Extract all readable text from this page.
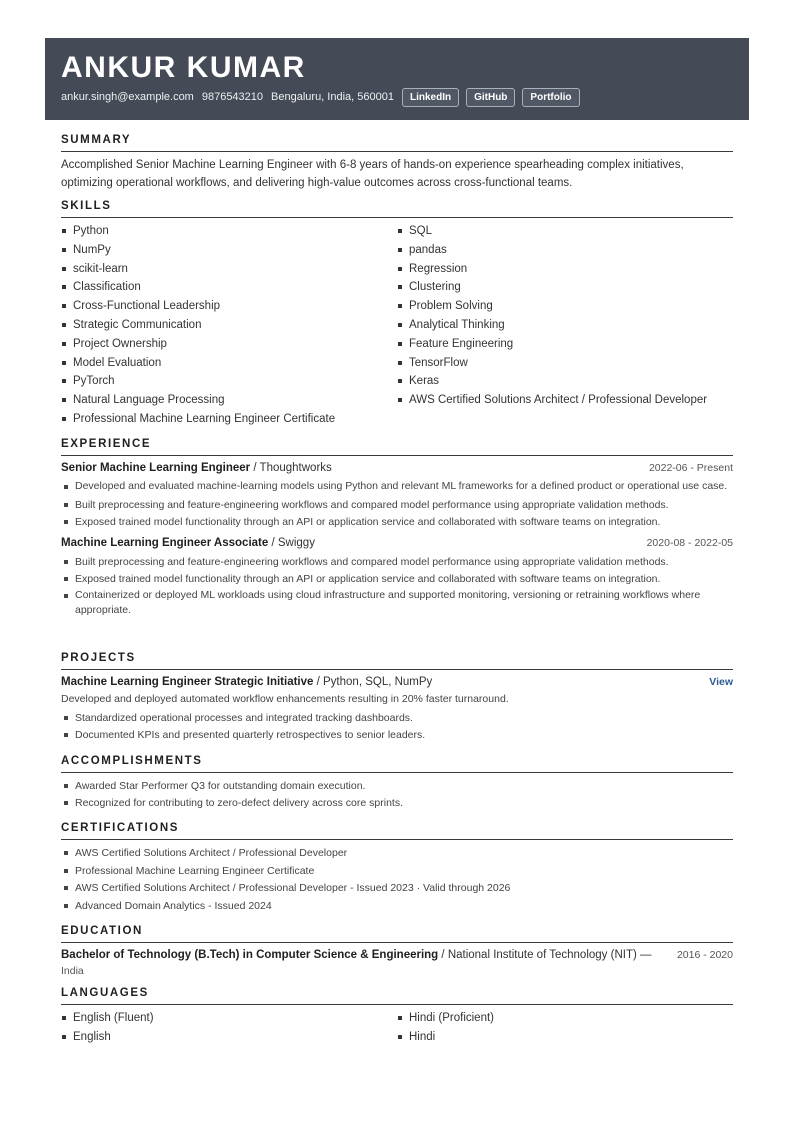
ANKUR KUMAR
ankur.singh@example.com 9876543210 Bengaluru, India, 560001	LinkedIn	GitHub	Portfolio
SUMMARY
Accomplished Senior Machine Learning Engineer with 6-8 years of hands-on experience spearheading complex initiatives, optimizing operational workflows, and delivering high-value outcomes across cross-functional teams.
SKILLS
Python
NumPy
scikit-learn
Classification
Cross-Functional Leadership
Strategic Communication
Project Ownership
Model Evaluation
PyTorch
Natural Language Processing
Professional Machine Learning Engineer Certificate
SQL
pandas
Regression
Clustering
Problem Solving
Analytical Thinking
Feature Engineering
TensorFlow
Keras
AWS Certified Solutions Architect / Professional Developer
EXPERIENCE
Senior Machine Learning Engineer / Thoughtworks	2022-06 - Present
Developed and evaluated machine-learning models using Python and relevant ML frameworks for a defined product or operational use case.
Built preprocessing and feature-engineering workflows and compared model performance using appropriate validation methods.
Exposed trained model functionality through an API or application service and collaborated with software teams on integration.
Machine Learning Engineer Associate / Swiggy	2020-08 - 2022-05
Built preprocessing and feature-engineering workflows and compared model performance using appropriate validation methods.
Exposed trained model functionality through an API or application service and collaborated with software teams on integration.
Containerized or deployed ML workloads using cloud infrastructure and supported monitoring, versioning or retraining workflows where appropriate.
PROJECTS
Machine Learning Engineer Strategic Initiative / Python, SQL, NumPy	View
Developed and deployed automated workflow enhancements resulting in 20% faster turnaround.
Standardized operational processes and integrated tracking dashboards.
Documented KPIs and presented quarterly retrospectives to senior leaders.
ACCOMPLISHMENTS
Awarded Star Performer Q3 for outstanding domain execution.
Recognized for contributing to zero-defect delivery across core sprints.
CERTIFICATIONS
AWS Certified Solutions Architect / Professional Developer
Professional Machine Learning Engineer Certificate
AWS Certified Solutions Architect / Professional Developer - Issued 2023 · Valid through 2026
Advanced Domain Analytics - Issued 2024
EDUCATION
Bachelor of Technology (B.Tech) in Computer Science & Engineering / National Institute of Technology (NIT) — 2016 - 2020
India
LANGUAGES
English (Fluent)
English
Hindi (Proficient)
Hindi
